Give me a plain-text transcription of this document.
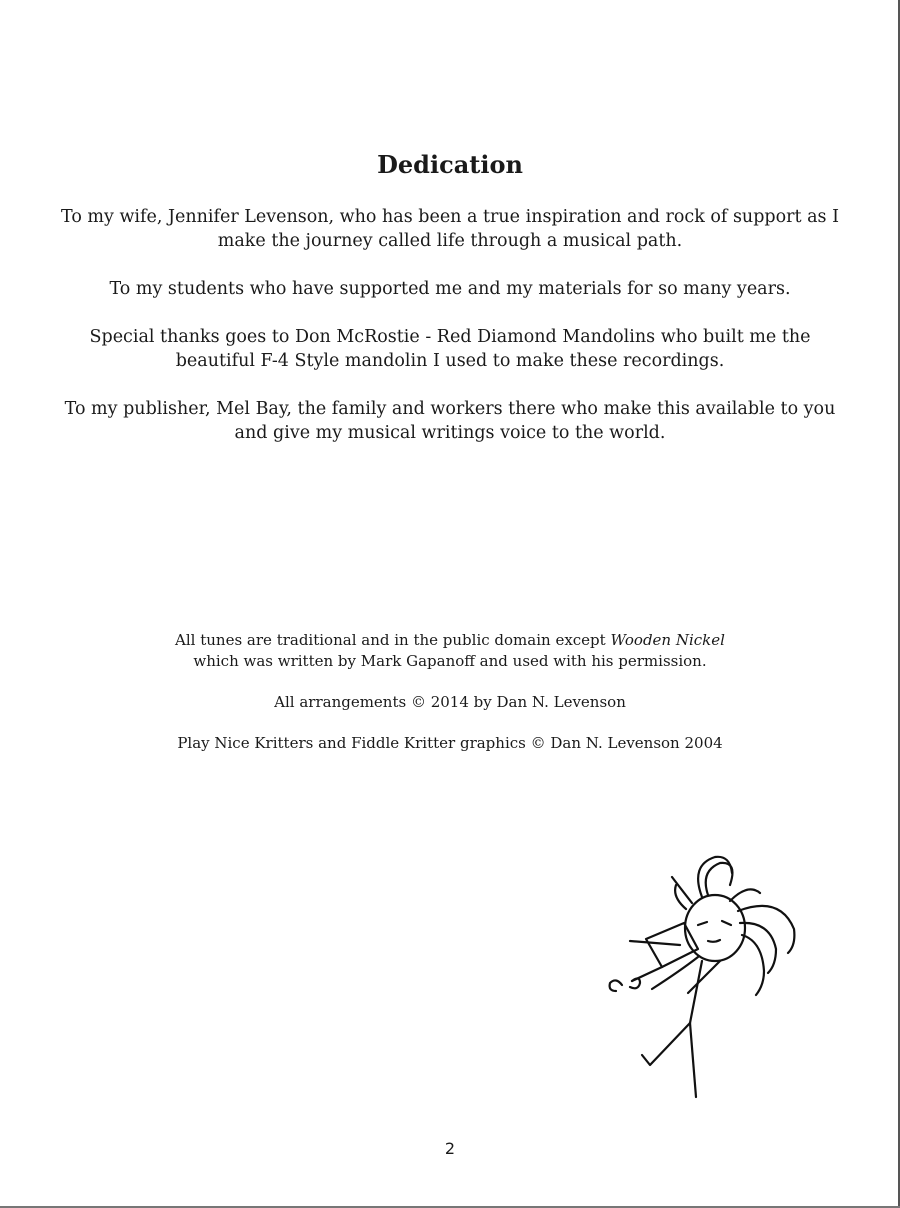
Dedication

To my wife, Jennifer Levenson, who has been a true inspiration and rock of support as I make the journey called life through a musical path.

To my students who have supported me and my materials for so many years.

Special thanks goes to Don McRostie - Red Diamond Mandolins who built me the beautiful F-4 Style mandolin I used to make these recordings.

To my publisher, Mel Bay, the family and workers there who make this available to you and give my musical writings voice to the world.

All tunes are traditional and in the public domain except Wooden Nickel
which was written by Mark Gapanoff and used with his permission.

All arrangements © 2014 by Dan N. Levenson

Play Nice Kritters and Fiddle Kritter graphics © Dan N. Levenson 2004

2
